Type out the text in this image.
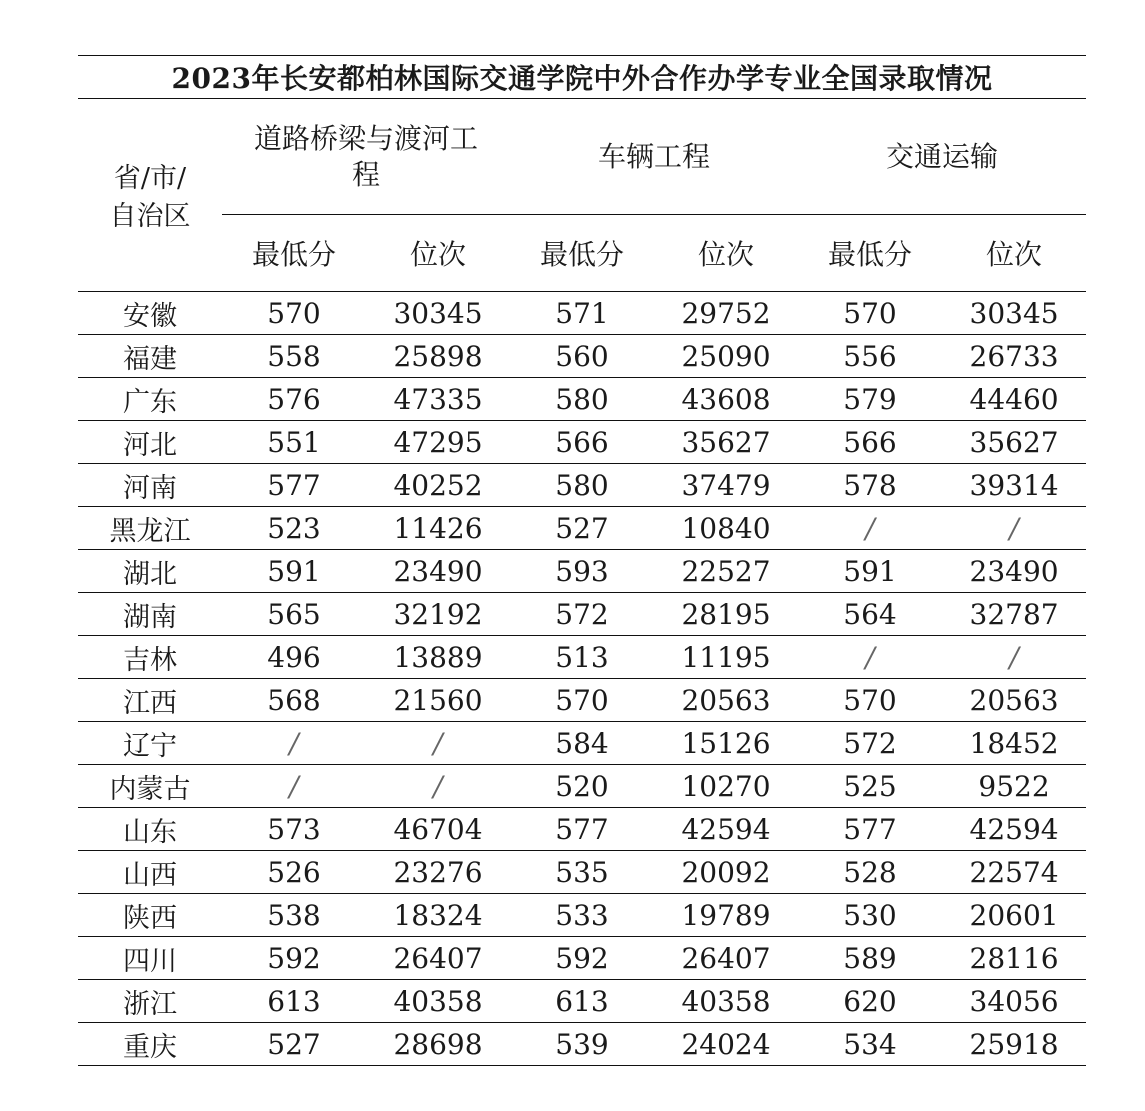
2023年长安都柏林国际交通学院中外合作办学专业全国录取情况
省/市/
自治区	道路桥梁与渡河工程		车辆工程		交通运输	
	最低分	位次	最低分	位次	最低分	位次
安徽	570	30345	571	29752	570	30345
福建	558	25898	560	25090	556	26733
广东	576	47335	580	43608	579	44460
河北	551	47295	566	35627	566	35627
河南	577	40252	580	37479	578	39314
黑龙江	523	11426	527	10840	/	/
湖北	591	23490	593	22527	591	23490
湖南	565	32192	572	28195	564	32787
吉林	496	13889	513	11195	/	/
江西	568	21560	570	20563	570	20563
辽宁	/	/	584	15126	572	18452
内蒙古	/	/	520	10270	525	9522
山东	573	46704	577	42594	577	42594
山西	526	23276	535	20092	528	22574
陕西	538	18324	533	19789	530	20601
四川	592	26407	592	26407	589	28116
浙江	613	40358	613	40358	620	34056
重庆	527	28698	539	24024	534	25918
